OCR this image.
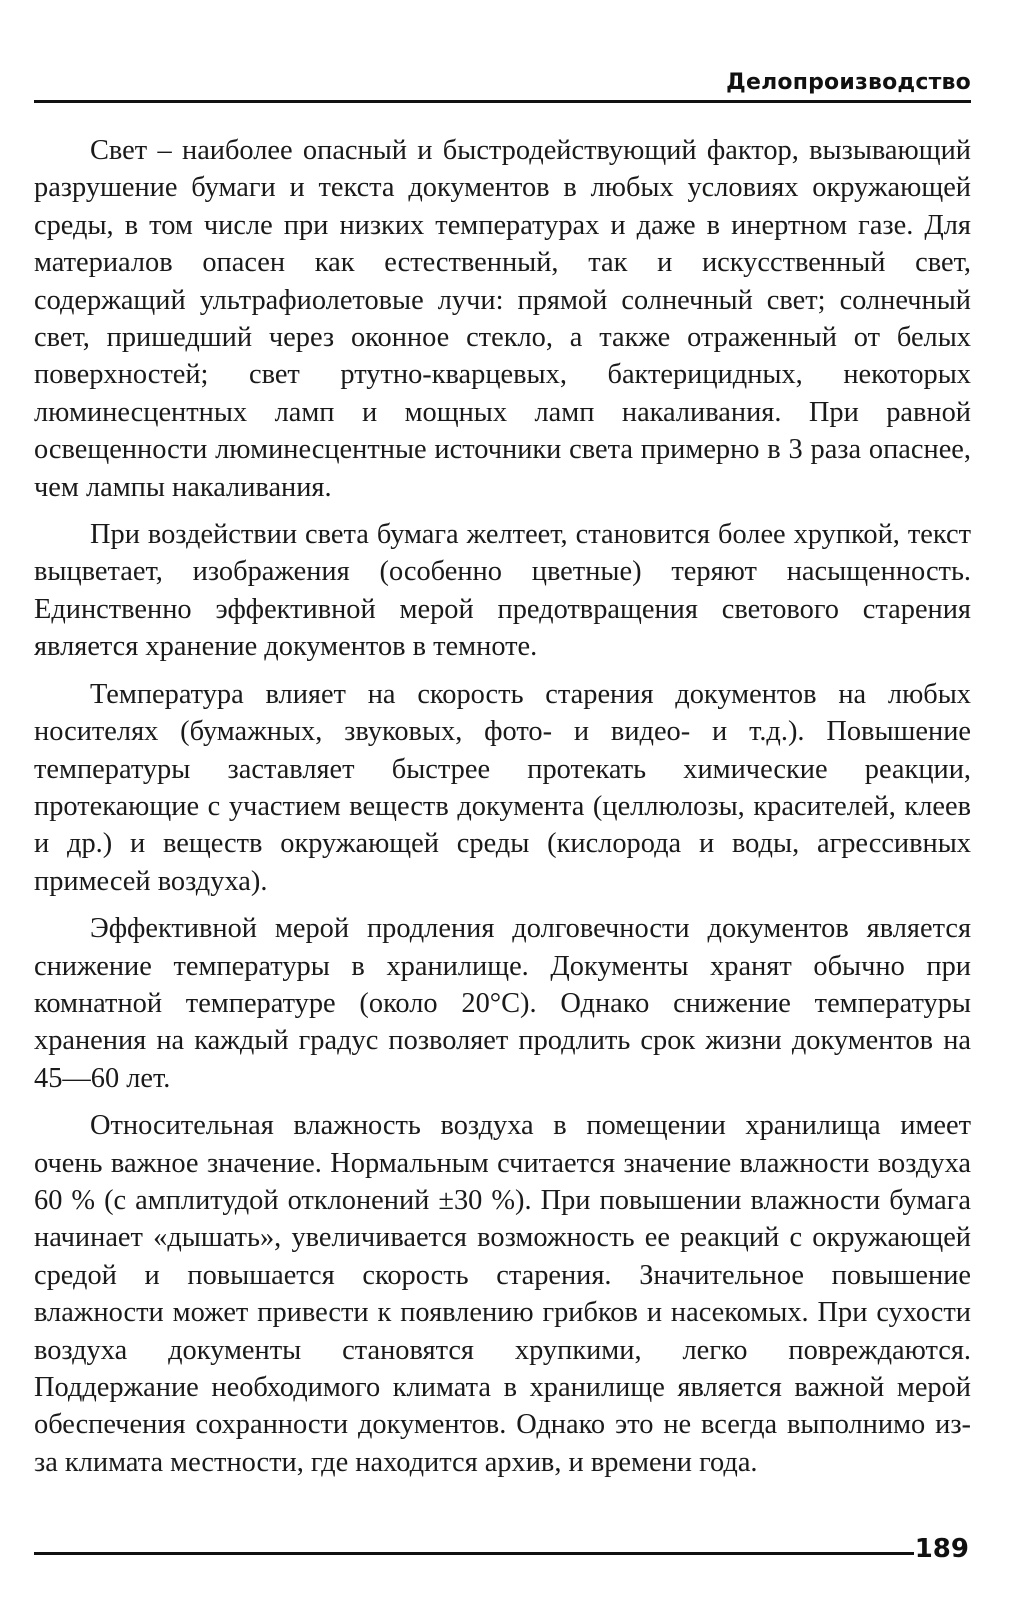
Делопроизводство

Свет – наиболее опасный и быстродействующий фактор, вызывающий разрушение бумаги и текста документов в любых условиях окружающей среды, в том числе при низких температурах и даже в инертном газе. Для материалов опасен как естественный, так и искусственный свет, содержащий ультрафиолетовые лучи: прямой солнечный свет; солнечный свет, пришедший через оконное стекло, а также отраженный от белых поверхностей; свет ртутно-кварцевых, бактерицидных, некоторых люминесцентных ламп и мощных ламп накаливания. При равной освещенности люминесцентные источники света примерно в 3 раза опаснее, чем лампы накаливания.

При воздействии света бумага желтеет, становится более хрупкой, текст выцветает, изображения (особенно цветные) теряют насыщенность. Единственно эффективной мерой предотвращения светового старения является хранение документов в темноте.

Температура влияет на скорость старения документов на любых носителях (бумажных, звуковых, фото- и видео- и т.д.). Повышение температуры заставляет быстрее протекать химические реакции, протекающие с участием веществ документа (целлюлозы, красителей, клеев и др.) и веществ окружающей среды (кислорода и воды, агрессивных примесей воздуха).

Эффективной мерой продления долговечности документов является снижение температуры в хранилище. Документы хранят обычно при комнатной температуре (около 20°С). Однако снижение температуры хранения на каждый градус позволяет продлить срок жизни документов на 45—60 лет.

Относительная влажность воздуха в помещении хранилища имеет очень важное значение. Нормальным считается значение влажности воздуха 60 % (с амплитудой отклонений ±30 %). При повышении влажности бумага начинает «дышать», увеличивается возможность ее реакций с окружающей средой и повышается скорость старения. Значительное повышение влажности может привести к появлению грибков и насекомых. При сухости воздуха документы становятся хрупкими, легко повреждаются. Поддержание необходимого климата в хранилище является важной мерой обеспечения сохранности документов. Однако это не всегда выполнимо из-за климата местности, где находится архив, и времени года.

189
